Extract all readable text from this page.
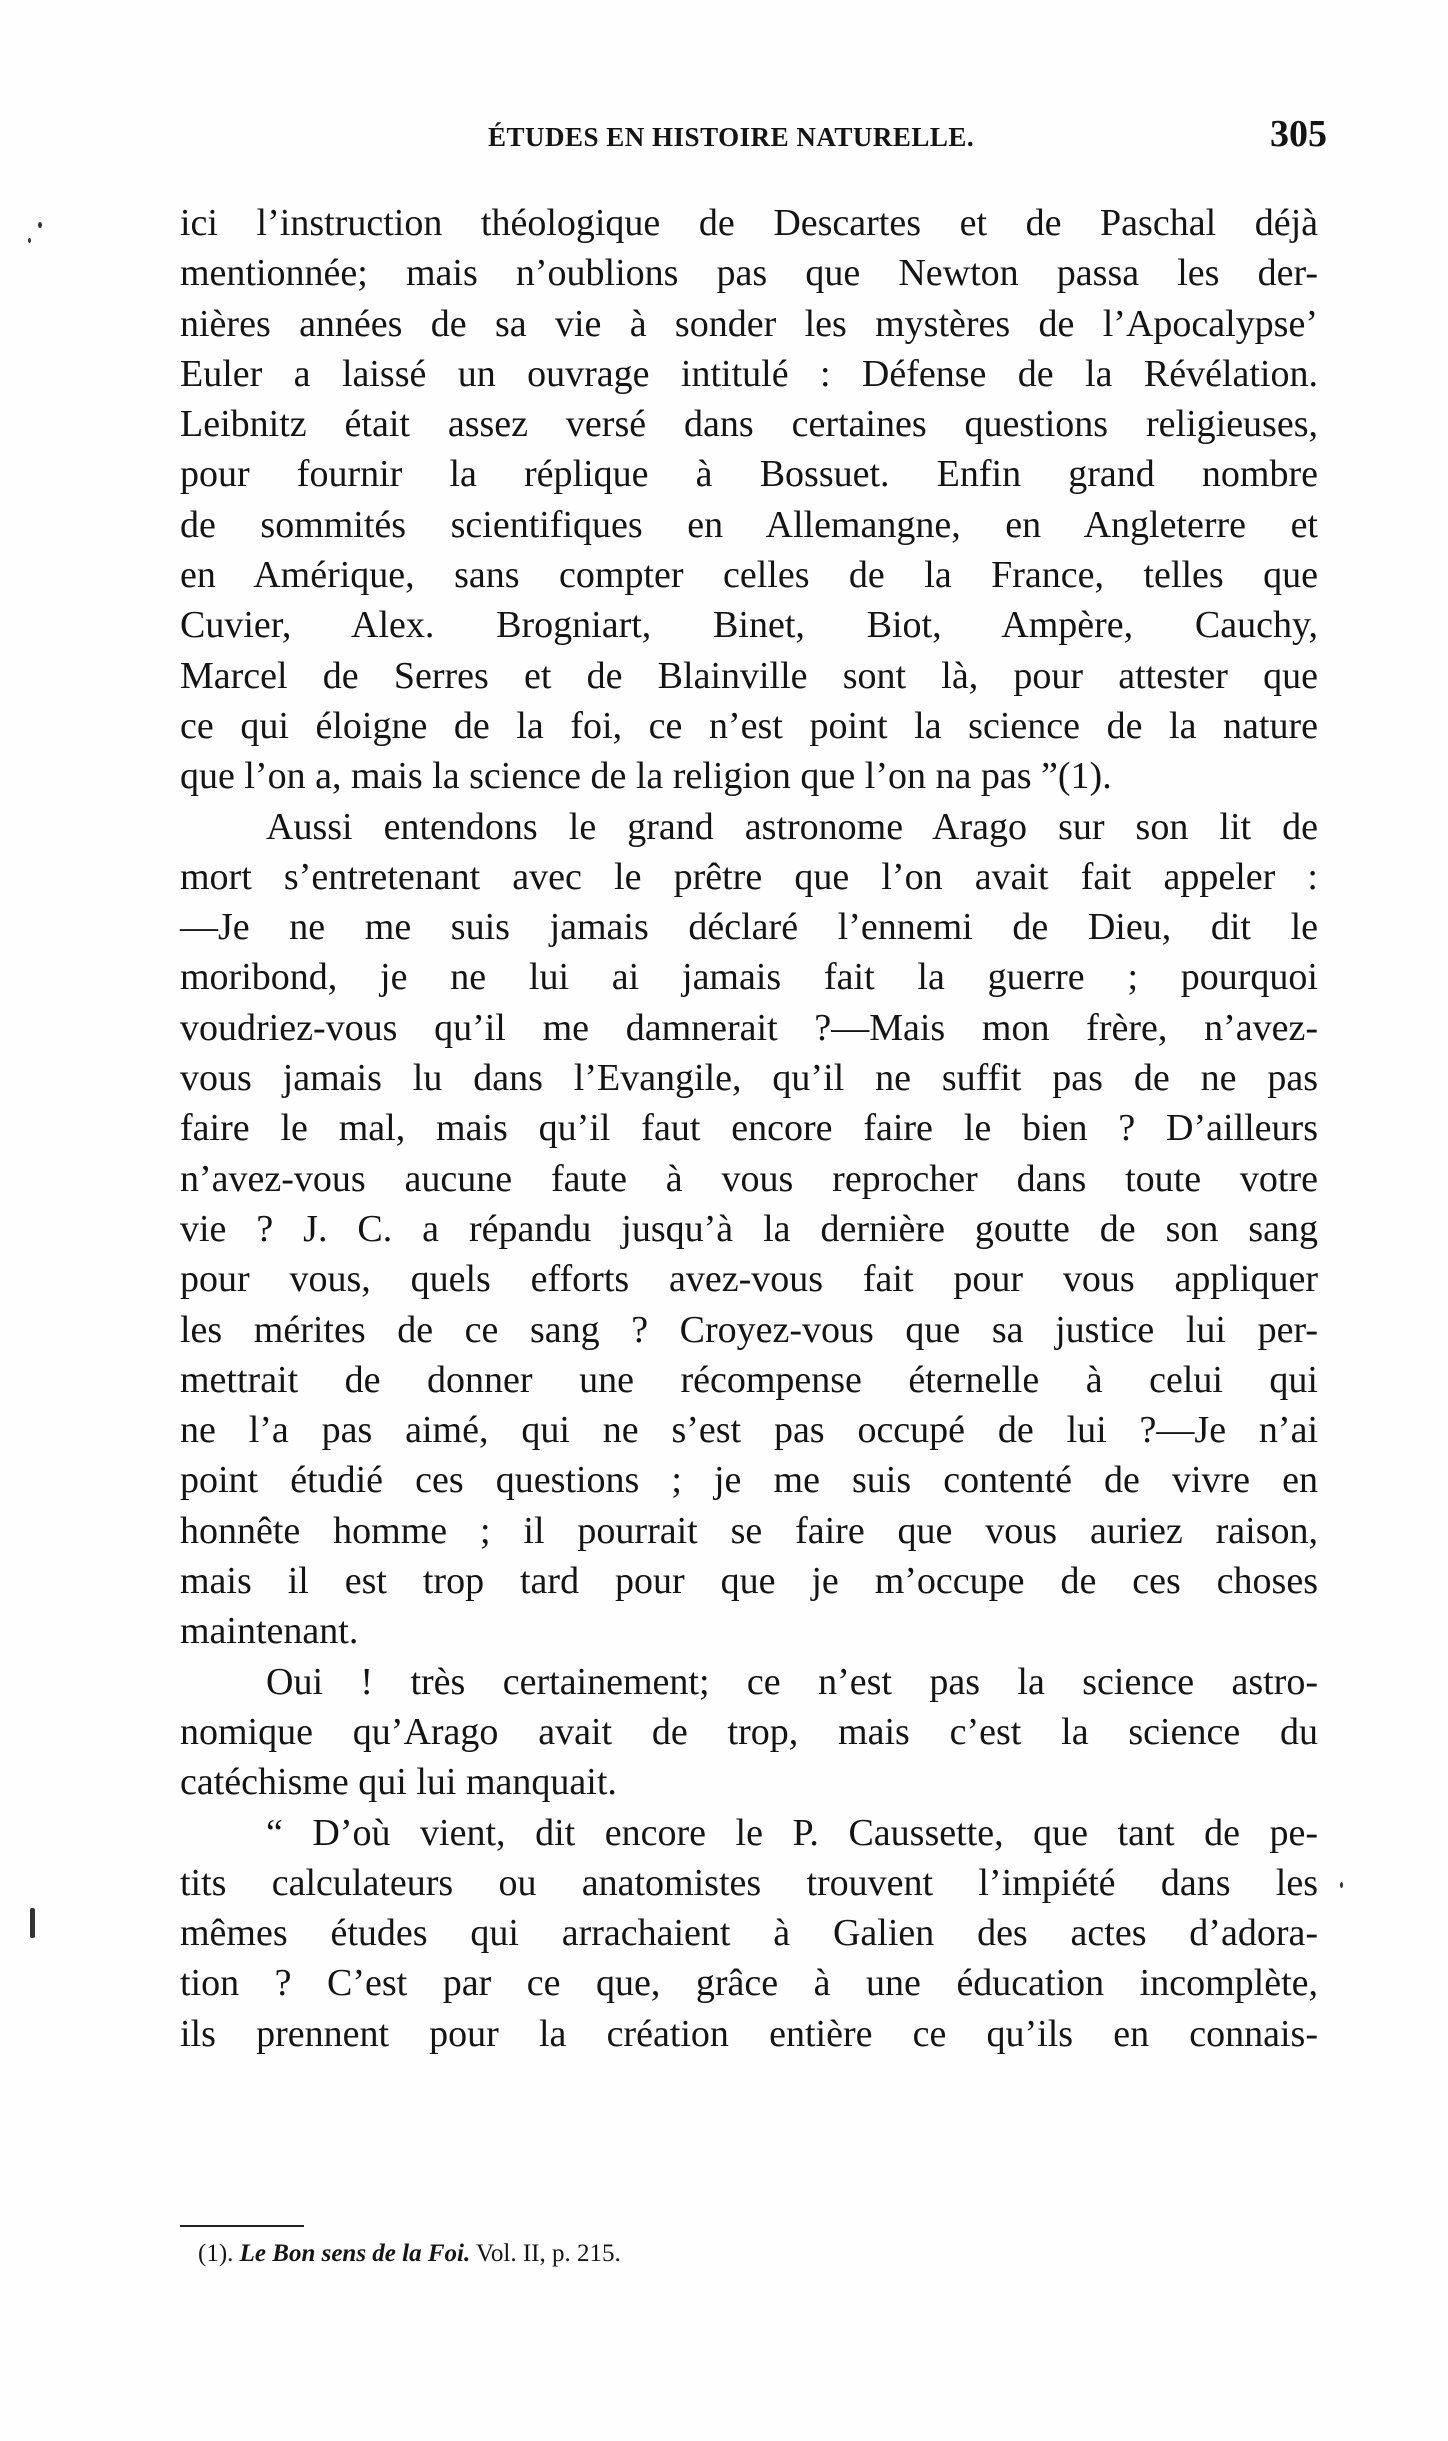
ÉTUDES EN HISTOIRE NATURELLE.	305
ici l’instruction théologique de Descartes et de Paschal déjà
mentionnée; mais n’oublions pas que Newton passa les der-
nières années de sa vie à sonder les mystères de l’Apocalypse’
Euler a laissé un ouvrage intitulé : Défense de la Révélation.
Leibnitz était assez versé dans certaines questions religieuses,
pour fournir la réplique à Bossuet. Enfin grand nombre
de sommités scientifiques en Allemangne, en Angleterre et
en Amérique, sans compter celles de la France, telles que
Cuvier, Alex. Brogniart, Binet, Biot, Ampère, Cauchy,
Marcel de Serres et de Blainville sont là, pour attester que
ce qui éloigne de la foi, ce n’est point la science de la nature
que l’on a, mais la science de la religion que l’on na pas ”(1).
Aussi entendons le grand astronome Arago sur son lit de
mort s’entretenant avec le prêtre que l’on avait fait appeler :
—Je ne me suis jamais déclaré l’ennemi de Dieu, dit le
moribond, je ne lui ai jamais fait la guerre ; pourquoi
voudriez-vous qu’il me damnerait ?—Mais mon frère, n’avez-
vous jamais lu dans l’Evangile, qu’il ne suffit pas de ne pas
faire le mal, mais qu’il faut encore faire le bien ? D’ailleurs
n’avez-vous aucune faute à vous reprocher dans toute votre
vie ? J. C. a répandu jusqu’à la dernière goutte de son sang
pour vous, quels efforts avez-vous fait pour vous appliquer
les mérites de ce sang ? Croyez-vous que sa justice lui per-
mettrait de donner une récompense éternelle à celui qui
ne l’a pas aimé, qui ne s’est pas occupé de lui ?—Je n’ai
point étudié ces questions ; je me suis contenté de vivre en
honnête homme ; il pourrait se faire que vous auriez raison,
mais il est trop tard pour que je m’occupe de ces choses
maintenant.
Oui ! très certainement; ce n’est pas la science astro-
nomique qu’Arago avait de trop, mais c’est la science du
catéchisme qui lui manquait.
“ D’où vient, dit encore le P. Caussette, que tant de pe-
tits calculateurs ou anatomistes trouvent l’impiété dans les
mêmes études qui arrachaient à Galien des actes d’adora-
tion ? C’est par ce que, grâce à une éducation incomplète,
ils prennent pour la création entière ce qu’ils en connais-
(1). Le Bon sens de la Foi. Vol. II, p. 215.
